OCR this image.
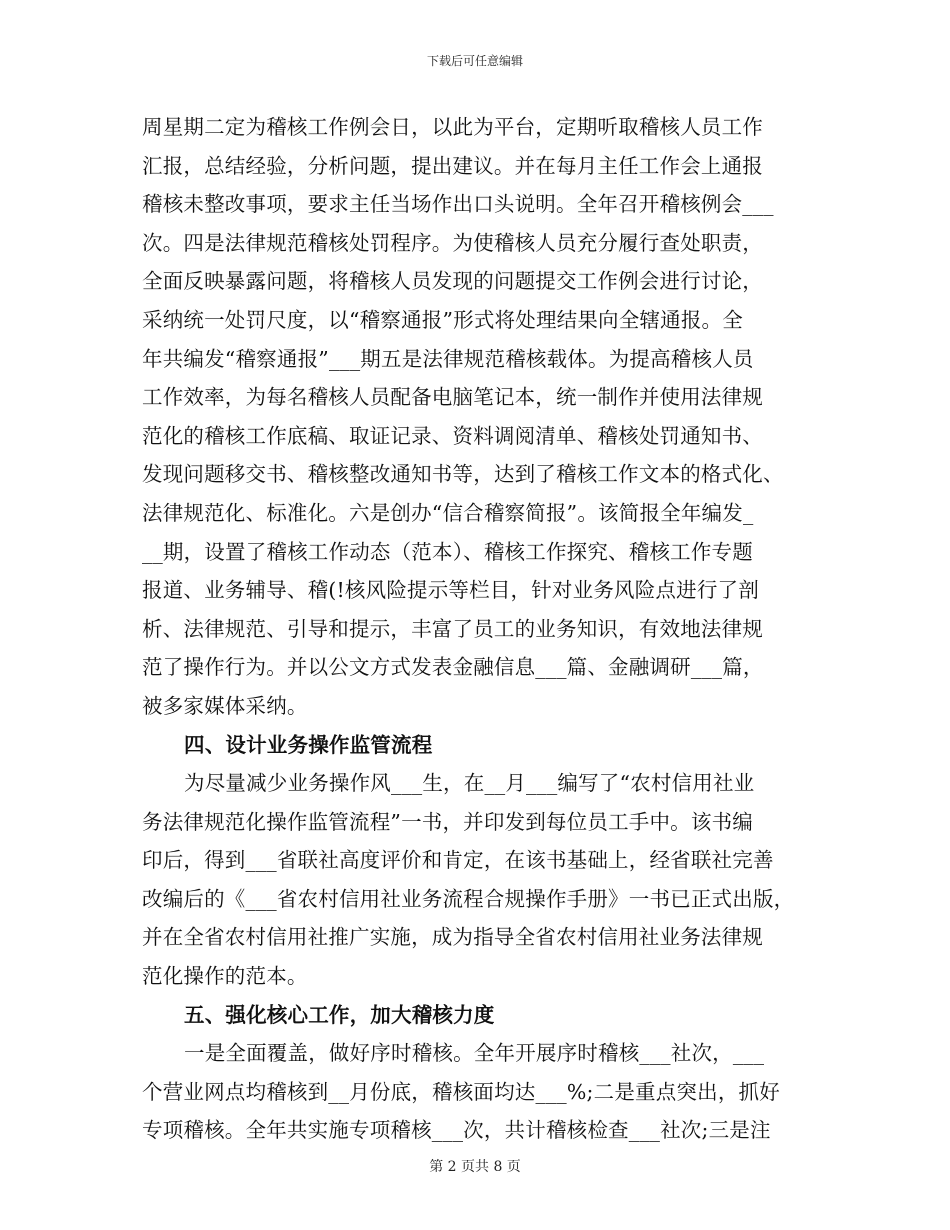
下载后可任意编辑
周星期二定为稽核工作例会日，以此为平台，定期听取稽核人员工作
汇报，总结经验，分析问题，提出建议。并在每月主任工作会上通报
稽核未整改事项，要求主任当场作出口头说明。全年召开稽核例会___
次。四是法律规范稽核处罚程序。为使稽核人员充分履行查处职责，
全面反映暴露问题，将稽核人员发现的问题提交工作例会进行讨论，
采纳统一处罚尺度，以“稽察通报”形式将处理结果向全辖通报。全
年共编发“稽察通报”___期五是法律规范稽核载体。为提高稽核人员
工作效率，为每名稽核人员配备电脑笔记本，统一制作并使用法律规
范化的稽核工作底稿、取证记录、资料调阅清单、稽核处罚通知书、
发现问题移交书、稽核整改通知书等，达到了稽核工作文本的格式化、
法律规范化、标准化。六是创办“信合稽察简报”。该简报全年编发_
__期，设置了稽核工作动态（范本）、稽核工作探究、稽核工作专题
报道、业务辅导、稽(!核风险提示等栏目，针对业务风险点进行了剖
析、法律规范、引导和提示，丰富了员工的业务知识，有效地法律规
范了操作行为。并以公文方式发表金融信息___篇、金融调研___篇，
被多家媒体采纳。
四、设计业务操作监管流程
为尽量减少业务操作风___生，在__月___编写了“农村信用社业
务法律规范化操作监管流程”一书，并印发到每位员工手中。该书编
印后，得到___省联社高度评价和肯定，在该书基础上，经省联社完善
改编后的《___省农村信用社业务流程合规操作手册》一书已正式出版，
并在全省农村信用社推广实施，成为指导全省农村信用社业务法律规
范化操作的范本。
五、强化核心工作，加大稽核力度
一是全面覆盖，做好序时稽核。全年开展序时稽核___社次，___
个营业网点均稽核到__月份底，稽核面均达___%;二是重点突出，抓好
专项稽核。全年共实施专项稽核___次，共计稽核检查___社次;三是注
第 2 页共 8 页
